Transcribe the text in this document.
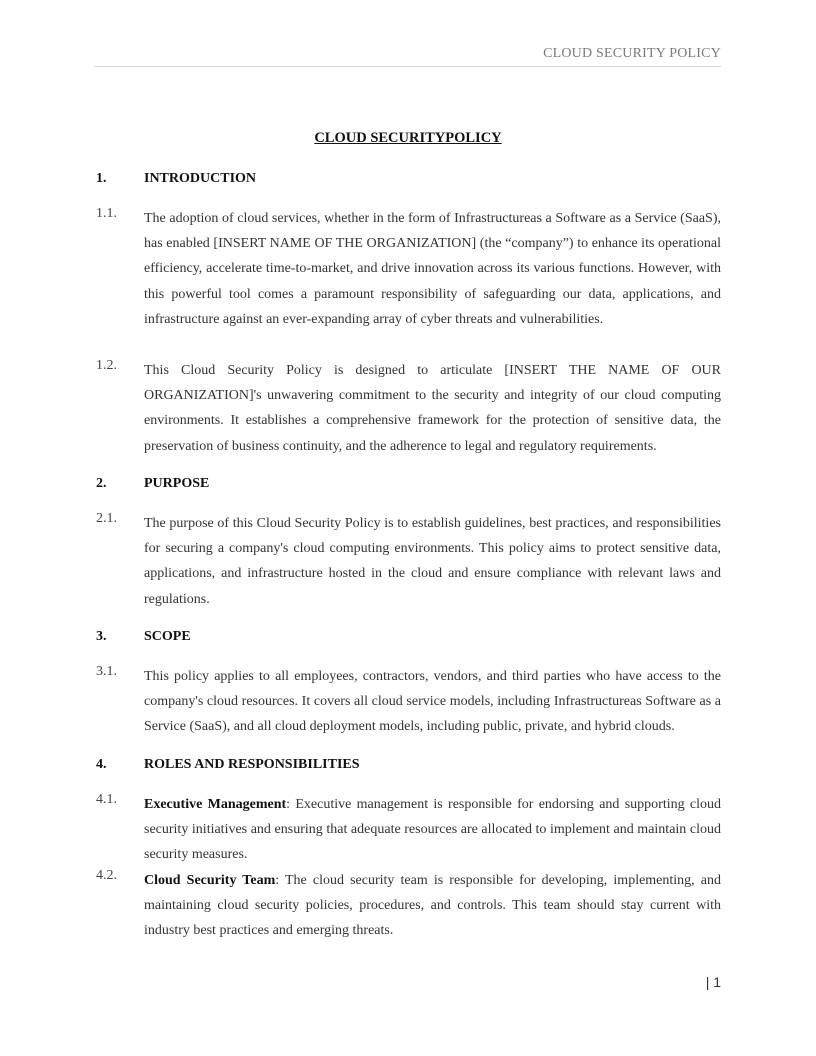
CLOUD SECURITY POLICY
CLOUD SECURITYPOLICY
1.	INTRODUCTION
1.1. The adoption of cloud services, whether in the form of Infrastructureas a Software as a Service (SaaS), has enabled [INSERT NAME OF THE ORGANIZATION] (the “company”) to enhance its operational efficiency, accelerate time-to-market, and drive innovation across its various functions. However, with this powerful tool comes a paramount responsibility of safeguarding our data, applications, and infrastructure against an ever-expanding array of cyber threats and vulnerabilities.
1.2. This Cloud Security Policy is designed to articulate [INSERT THE NAME OF OUR ORGANIZATION]'s unwavering commitment to the security and integrity of our cloud computing environments. It establishes a comprehensive framework for the protection of sensitive data, the preservation of business continuity, and the adherence to legal and regulatory requirements.
2.	PURPOSE
2.1. The purpose of this Cloud Security Policy is to establish guidelines, best practices, and responsibilities for securing a company's cloud computing environments. This policy aims to protect sensitive data, applications, and infrastructure hosted in the cloud and ensure compliance with relevant laws and regulations.
3.	SCOPE
3.1. This policy applies to all employees, contractors, vendors, and third parties who have access to the company's cloud resources. It covers all cloud service models, including Infrastructureas Software as a Service (SaaS), and all cloud deployment models, including public, private, and hybrid clouds.
4.	ROLES AND RESPONSIBILITIES
4.1. Executive Management: Executive management is responsible for endorsing and supporting cloud security initiatives and ensuring that adequate resources are allocated to implement and maintain cloud security measures.
4.2. Cloud Security Team: The cloud security team is responsible for developing, implementing, and maintaining cloud security policies, procedures, and controls. This team should stay current with industry best practices and emerging threats.
| 1
